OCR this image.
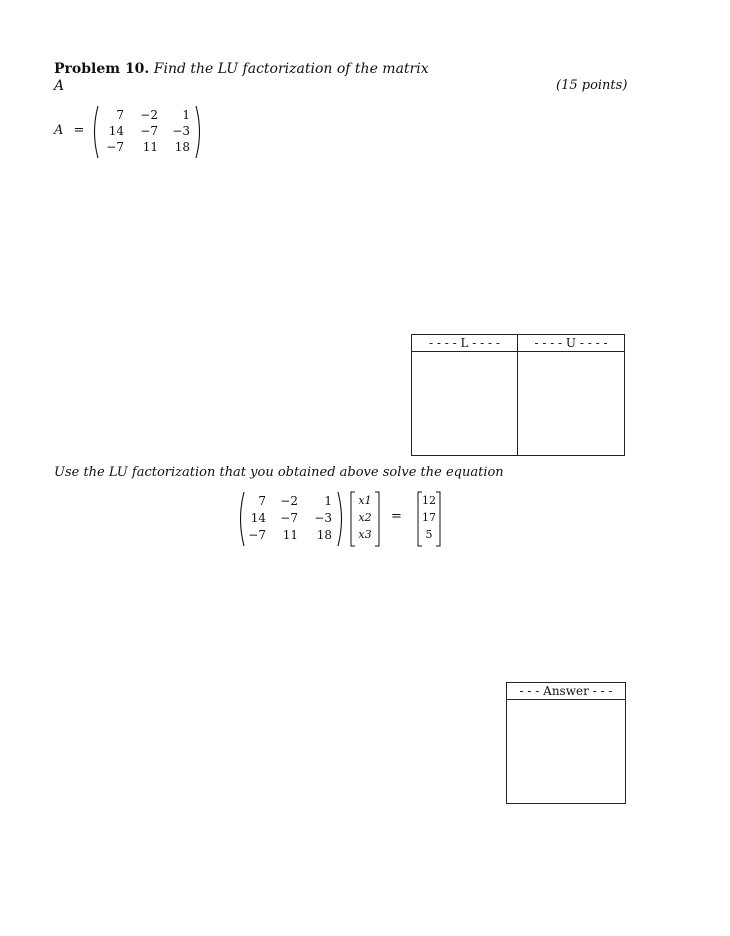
Problem 10. Find the LU factorization of the matrix
A	(15 points)
A =
7	−2	1
14	−7	−3
−7	11	18
- - - - L - - - -	- - - - U - - - -
Use the LU factorization that you obtained above solve the equation
7	−2	1
14	−7	−3
−7	11	18
x1
x2
x3
=
12
17
5
- - - Answer - - -
